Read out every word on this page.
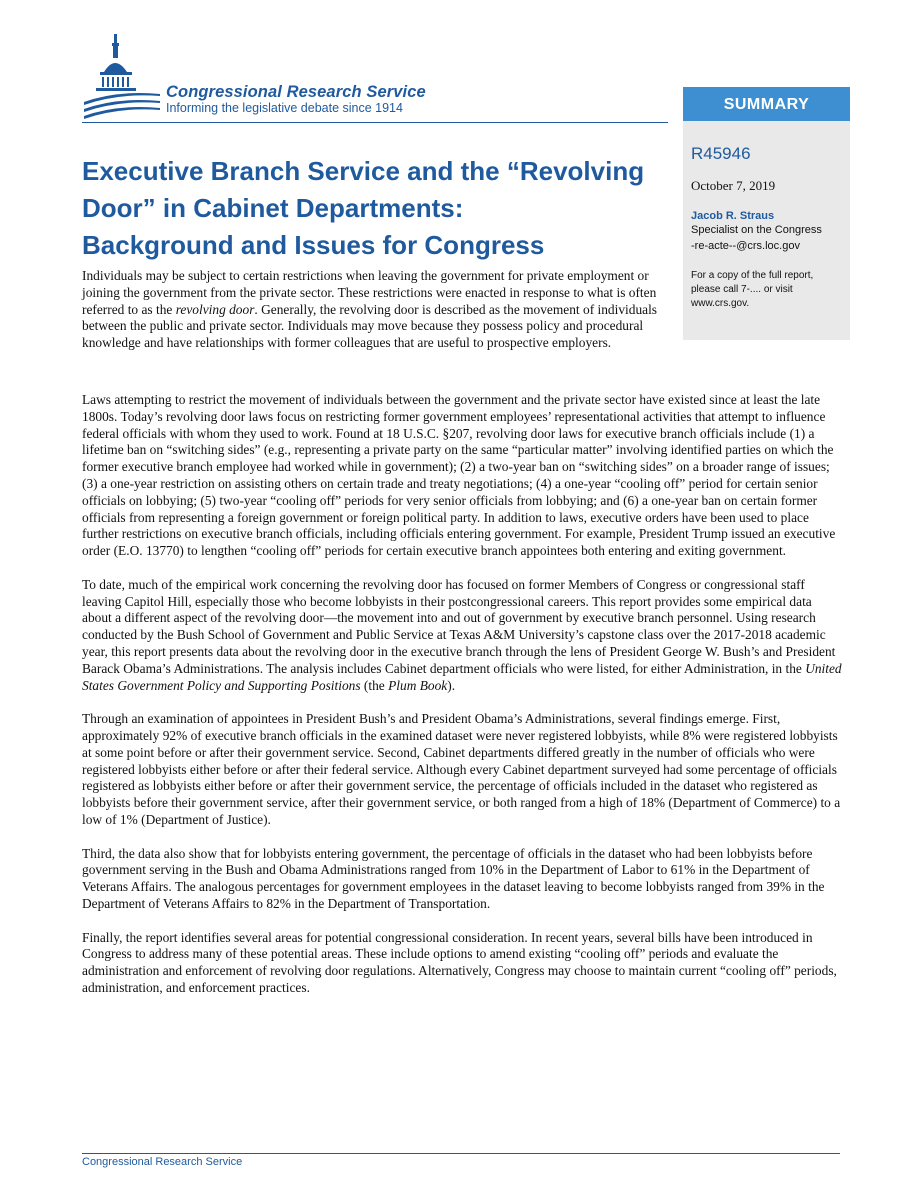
Congressional Research Service
Informing the legislative debate since 1914	SUMMARY
R45946
October 7, 2019
Jacob R. Straus
Specialist on the Congress
-re-acte--@crs.loc.gov
For a copy of the full report, please call 7-.... or visit www.crs.gov.
Executive Branch Service and the “Revolving
Door” in Cabinet Departments:
Background and Issues for Congress

Individuals may be subject to certain restrictions when leaving the government for private employment or joining the government from the private sector. These restrictions were enacted in response to what is often referred to as the revolving door. Generally, the revolving door is described as the movement of individuals between the public and private sector. Individuals may move because they possess policy and procedural knowledge and have relationships with former colleagues that are useful to prospective employers.

Laws attempting to restrict the movement of individuals between the government and the private sector have existed since at least the late 1800s. Today’s revolving door laws focus on restricting former government employees’ representational activities that attempt to influence federal officials with whom they used to work. Found at 18 U.S.C. §207, revolving door laws for executive branch officials include (1) a lifetime ban on “switching sides” (e.g., representing a private party on the same “particular matter” involving identified parties on which the former executive branch employee had worked while in government); (2) a two-year ban on “switching sides” on a broader range of issues; (3) a one-year restriction on assisting others on certain trade and treaty negotiations; (4) a one-year “cooling off” period for certain senior officials on lobbying; (5) two-year “cooling off” periods for very senior officials from lobbying; and (6) a one-year ban on certain former officials from representing a foreign government or foreign political party. In addition to laws, executive orders have been used to place further restrictions on executive branch officials, including officials entering government. For example, President Trump issued an executive order (E.O. 13770) to lengthen “cooling off” periods for certain executive branch appointees both entering and exiting government.

To date, much of the empirical work concerning the revolving door has focused on former Members of Congress or congressional staff leaving Capitol Hill, especially those who become lobbyists in their postcongressional careers. This report provides some empirical data about a different aspect of the revolving door—the movement into and out of government by executive branch personnel. Using research conducted by the Bush School of Government and Public Service at Texas A&M University’s capstone class over the 2017-2018 academic year, this report presents data about the revolving door in the executive branch through the lens of President George W. Bush’s and President Barack Obama’s Administrations. The analysis includes Cabinet department officials who were listed, for either Administration, in the United States Government Policy and Supporting Positions (the Plum Book).

Through an examination of appointees in President Bush’s and President Obama’s Administrations, several findings emerge. First, approximately 92% of executive branch officials in the examined dataset were never registered lobbyists, while 8% were registered lobbyists at some point before or after their government service. Second, Cabinet departments differed greatly in the number of officials who were registered lobbyists either before or after their federal service. Although every Cabinet department surveyed had some percentage of officials registered as lobbyists either before or after their government service, the percentage of officials included in the dataset who registered as lobbyists before their government service, after their government service, or both ranged from a high of 18% (Department of Commerce) to a low of 1% (Department of Justice).

Third, the data also show that for lobbyists entering government, the percentage of officials in the dataset who had been lobbyists before government serving in the Bush and Obama Administrations ranged from 10% in the Department of Labor to 61% in the Department of Veterans Affairs. The analogous percentages for government employees in the dataset leaving to become lobbyists ranged from 39% in the Department of Veterans Affairs to 82% in the Department of Transportation.

Finally, the report identifies several areas for potential congressional consideration. In recent years, several bills have been introduced in Congress to address many of these potential areas. These include options to amend existing “cooling off” periods and evaluate the administration and enforcement of revolving door regulations. Alternatively, Congress may choose to maintain current “cooling off” periods, administration, and enforcement practices.

Congressional Research Service
